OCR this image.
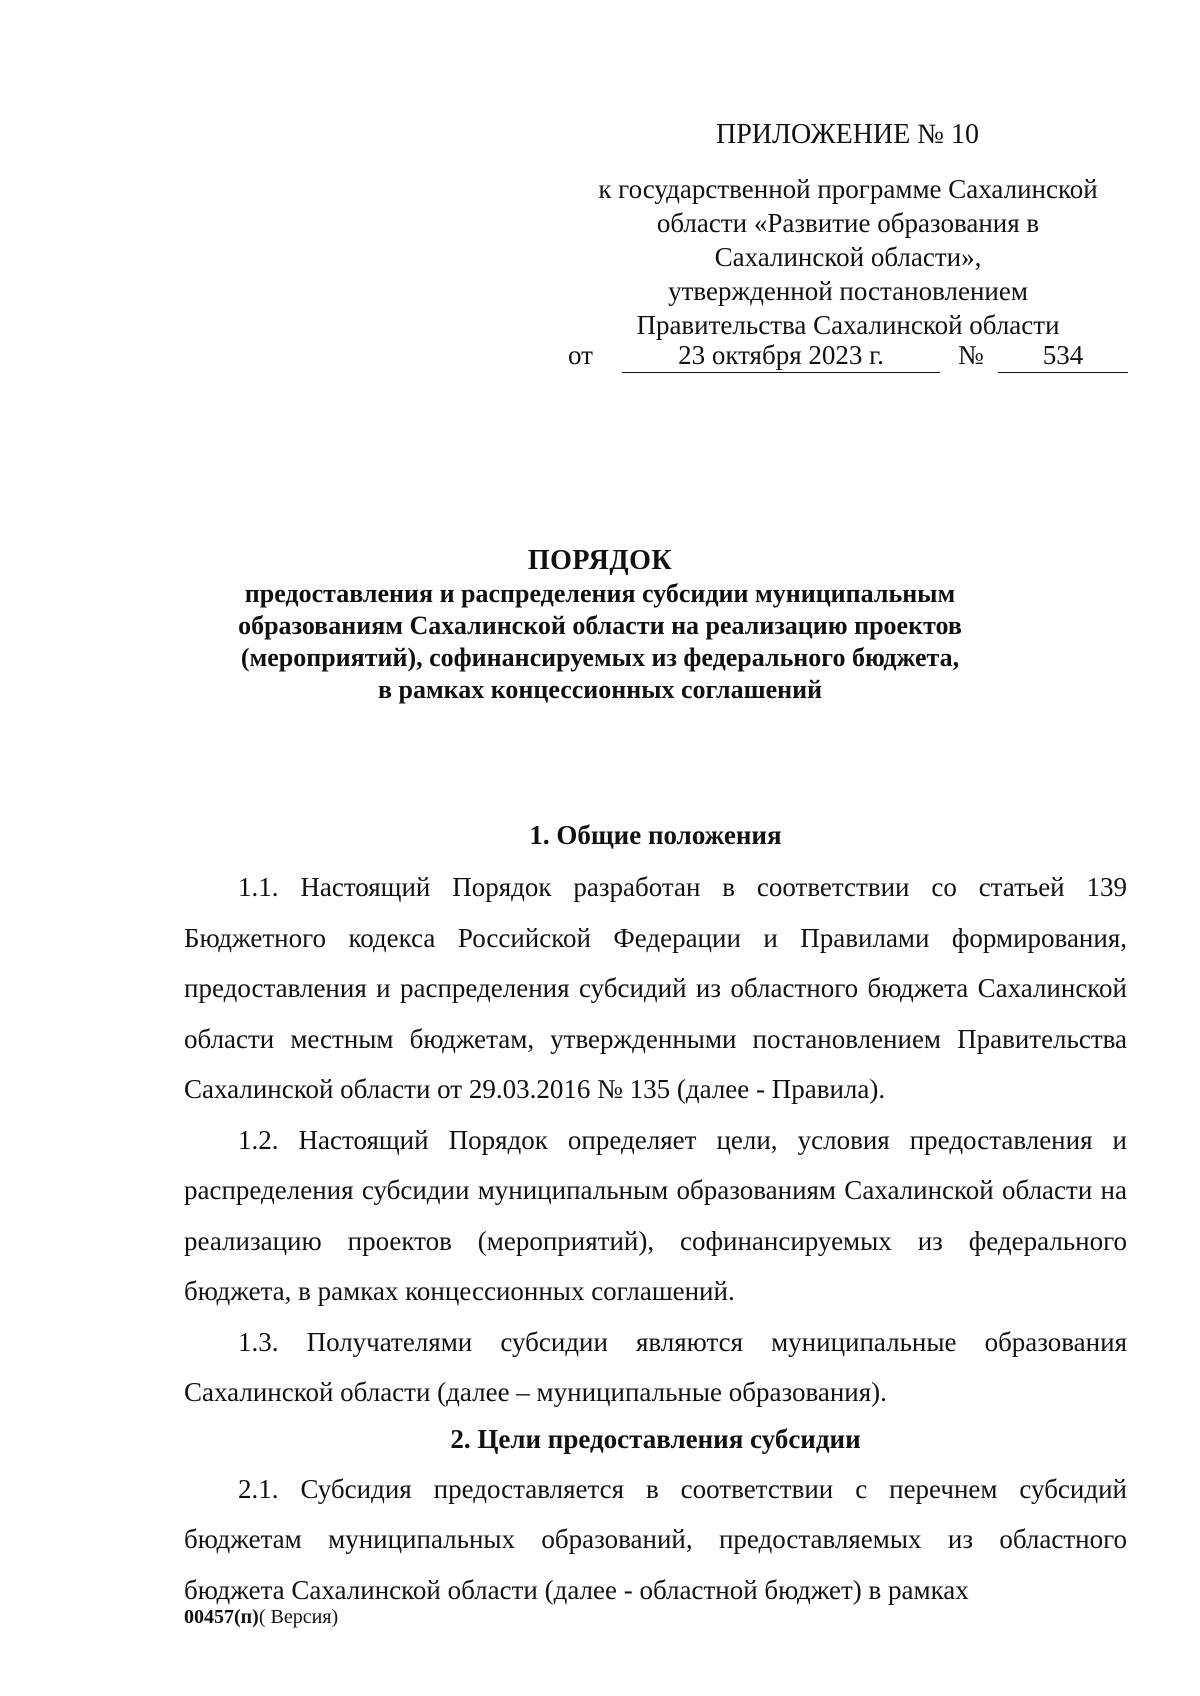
ПРИЛОЖЕНИЕ № 10
к государственной программе Сахалинской
области «Развитие образования в
Сахалинской области»,
утвержденной постановлением
Правительства Сахалинской области
от	23 октября 2023 г.	№	534
ПОРЯДОК
предоставления и распределения субсидии муниципальным
образованиям Сахалинской области на реализацию проектов
(мероприятий), софинансируемых из федерального бюджета,
в рамках концессионных соглашений
1. Общие положения

1.1. Настоящий Порядок разработан в соответствии со статьей 139 Бюджетного кодекса Российской Федерации и Правилами формирования, предоставления и распределения субсидий из областного бюджета Сахалинской области местным бюджетам, утвержденными постановлением Правительства Сахалинской области от 29.03.2016 № 135 (далее - Правила).

1.2. Настоящий Порядок определяет цели, условия предоставления и распределения субсидии муниципальным образованиям Сахалинской области на реализацию проектов (мероприятий), софинансируемых из федерального бюджета, в рамках концессионных соглашений.

1.3. Получателями субсидии являются муниципальные образования Сахалинской области (далее – муниципальные образования).

2. Цели предоставления субсидии

2.1. Субсидия предоставляется в соответствии с перечнем субсидий бюджетам муниципальных образований, предоставляемых из областного бюджета Сахалинской области (далее - областной бюджет) в рамках

00457(п)( Версия)
